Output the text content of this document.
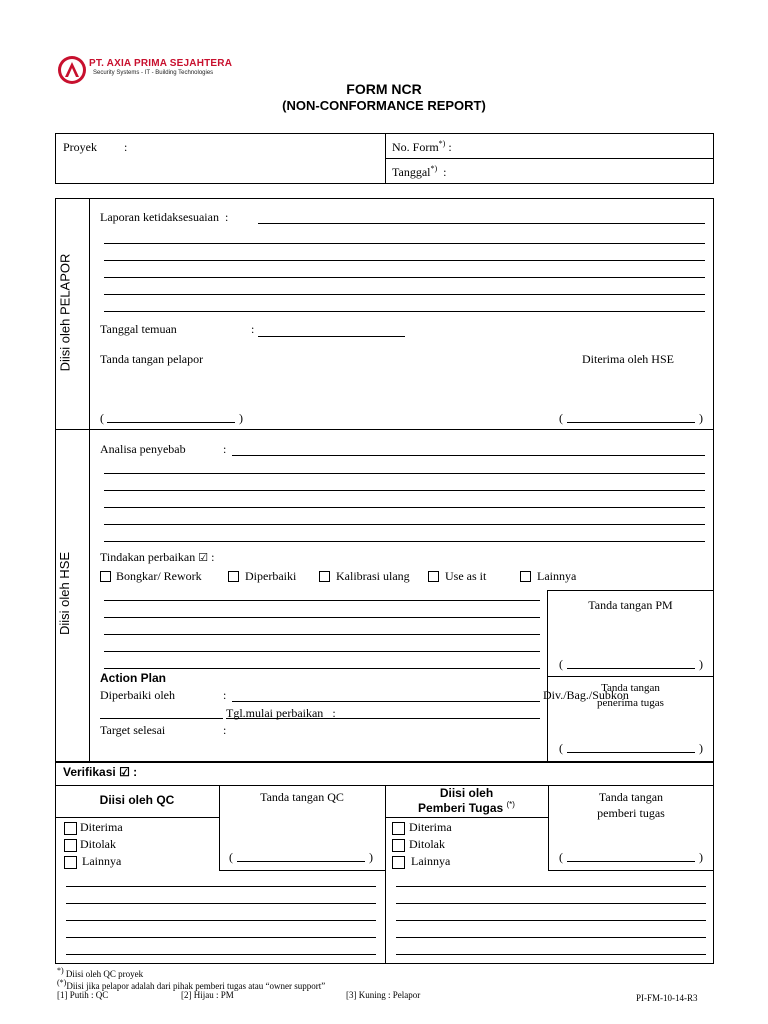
PT. AXIA PRIMA SEJAHTERA
Security Systems - IT - Building Technologies
FORM NCR
(NON-CONFORMANCE REPORT)
Proyek :	No. Form*) :
Tanggal*) :
Diisi oleh PELAPOR
Laporan ketidaksesuaian :
Tanggal temuan	:
Tanda tangan pelapor	Diterima oleh HSE
(	)	(	)
Diisi oleh HSE
Analisa penyebab	:
Tindakan perbaikan ☑ :
Bongkar/ Rework	Diperbaiki	Kalibrasi ulang	Use as it	Lainnya
Tanda tangan PM
(	)
Tanda tangan
penerima tugas
(	)
Action Plan
Diperbaiki oleh	:	Div./Bag./Subkon
Tgl.mulai perbaikan :
Target selesai	:
Verifikasi ☑ :
Diisi oleh QC	Tanda tangan QC
(	)
Diterima
Ditolak
Lainnya
Diisi oleh
Pemberi Tugas (*)
Tanda tangan
pemberi tugas
(	)
Diterima
Ditolak
Lainnya
*) Diisi oleh QC proyek
(*)Diisi jika pelapor adalah dari pihak pemberi tugas atau “owner support”
[1] Putih : QC	[2] Hijau : PM	[3] Kuning : Pelapor	PI-FM-10-14-R3
